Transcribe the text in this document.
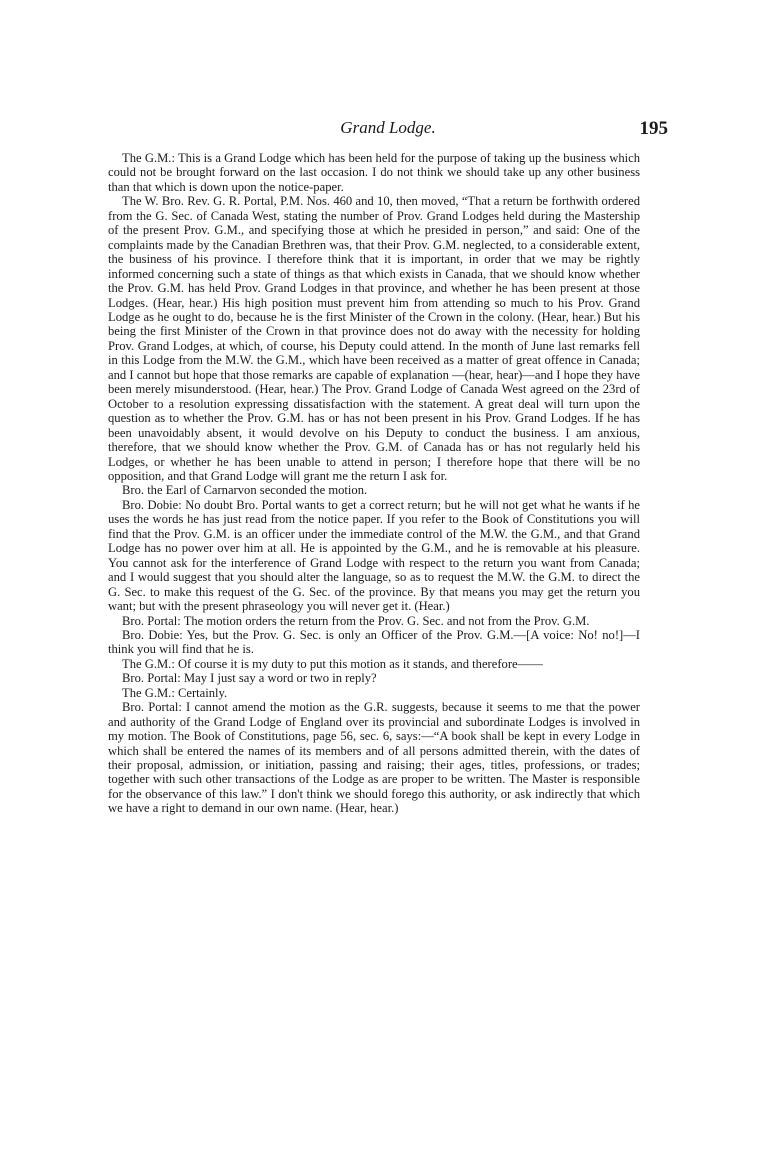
Grand Lodge.	195

The G.M.: This is a Grand Lodge which has been held for the purpose of taking up the business which could not be brought forward on the last occasion. I do not think we should take up any other business than that which is down upon the notice-paper.

The W. Bro. Rev. G. R. Portal, P.M. Nos. 460 and 10, then moved, “That a return be forthwith ordered from the G. Sec. of Canada West, stating the number of Prov. Grand Lodges held during the Mastership of the present Prov. G.M., and specifying those at which he presided in person,” and said: One of the complaints made by the Canadian Brethren was, that their Prov. G.M. neglected, to a considerable extent, the business of his province. I therefore think that it is important, in order that we may be rightly informed concerning such a state of things as that which exists in Canada, that we should know whether the Prov. G.M. has held Prov. Grand Lodges in that province, and whether he has been present at those Lodges. (Hear, hear.) His high position must prevent him from attending so much to his Prov. Grand Lodge as he ought to do, because he is the first Minister of the Crown in the colony. (Hear, hear.) But his being the first Minister of the Crown in that province does not do away with the necessity for holding Prov. Grand Lodges, at which, of course, his Deputy could attend. In the month of June last remarks fell in this Lodge from the M.W. the G.M., which have been received as a matter of great offence in Canada; and I cannot but hope that those remarks are capable of explanation —(hear, hear)—and I hope they have been merely misunderstood. (Hear, hear.) The Prov. Grand Lodge of Canada West agreed on the 23rd of October to a resolution expressing dissatisfaction with the statement. A great deal will turn upon the question as to whether the Prov. G.M. has or has not been present in his Prov. Grand Lodges. If he has been unavoidably absent, it would devolve on his Deputy to conduct the business. I am anxious, therefore, that we should know whether the Prov. G.M. of Canada has or has not regularly held his Lodges, or whether he has been unable to attend in person; I therefore hope that there will be no opposition, and that Grand Lodge will grant me the return I ask for.

Bro. the Earl of Carnarvon seconded the motion.

Bro. Dobie: No doubt Bro. Portal wants to get a correct return; but he will not get what he wants if he uses the words he has just read from the notice paper. If you refer to the Book of Constitutions you will find that the Prov. G.M. is an officer under the immediate control of the M.W. the G.M., and that Grand Lodge has no power over him at all. He is appointed by the G.M., and he is removable at his pleasure. You cannot ask for the interference of Grand Lodge with respect to the return you want from Canada; and I would suggest that you should alter the language, so as to request the M.W. the G.M. to direct the G. Sec. to make this request of the G. Sec. of the province. By that means you may get the return you want; but with the present phraseology you will never get it. (Hear.)

Bro. Portal: The motion orders the return from the Prov. G. Sec. and not from the Prov. G.M.

Bro. Dobie: Yes, but the Prov. G. Sec. is only an Officer of the Prov. G.M.—[A voice: No! no!]—I think you will find that he is.

The G.M.: Of course it is my duty to put this motion as it stands, and therefore——

Bro. Portal: May I just say a word or two in reply?

The G.M.: Certainly.

Bro. Portal: I cannot amend the motion as the G.R. suggests, because it seems to me that the power and authority of the Grand Lodge of England over its provincial and subordinate Lodges is involved in my motion. The Book of Constitutions, page 56, sec. 6, says:—“A book shall be kept in every Lodge in which shall be entered the names of its members and of all persons admitted therein, with the dates of their proposal, admission, or initiation, passing and raising; their ages, titles, professions, or trades; together with such other transactions of the Lodge as are proper to be written. The Master is responsible for the observance of this law.” I don't think we should forego this authority, or ask indirectly that which we have a right to demand in our own name. (Hear, hear.)
